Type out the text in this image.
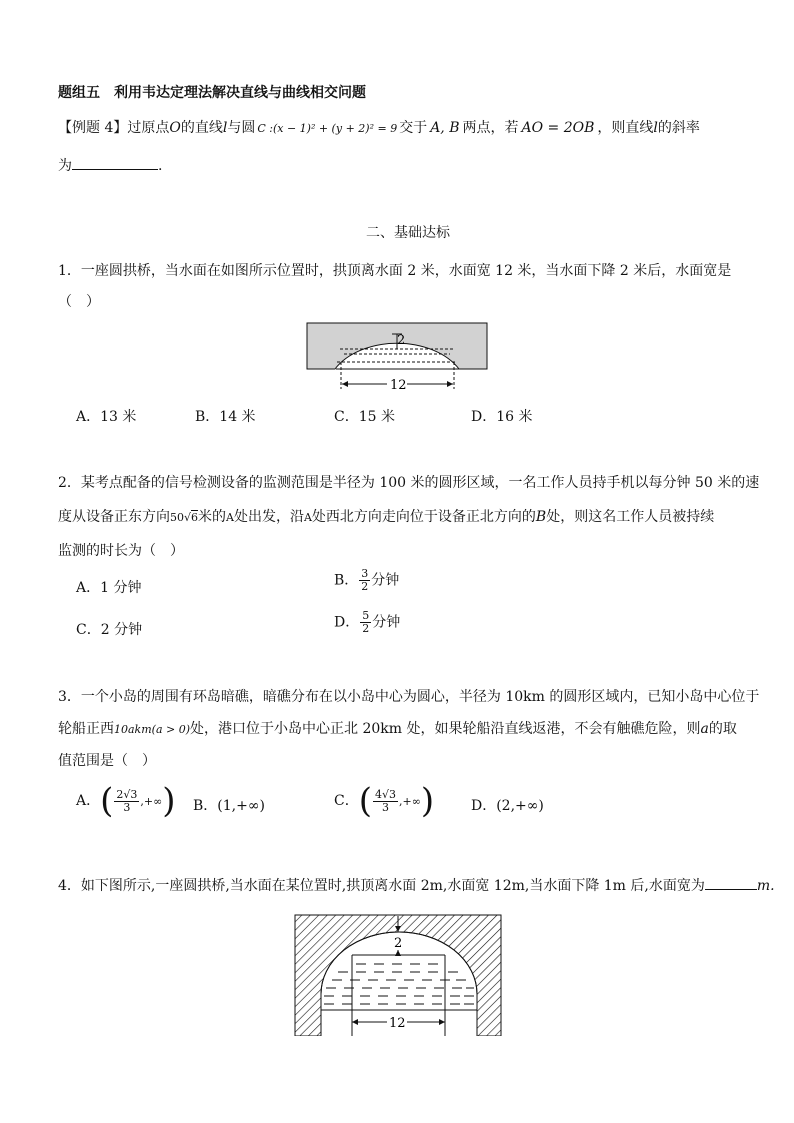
题组五　利用韦达定理法解决直线与曲线相交问题
【例题 4】过原点O的直线l与圆 C :(x − 1)² + (y + 2)² = 9 交于 A, B 两点，若 AO = 2OB ，则直线l的斜率
为	.
二、基础达标
1．一座圆拱桥，当水面在如图所示位置时，拱顶离水面 2 米，水面宽 12 米，当水面下降 2 米后，水面宽是
（　）
2
12
A．13 米	B．14 米	C．15 米	D．16 米
2．某考点配备的信号检测设备的监测范围是半径为 100 米的圆形区域，一名工作人员持手机以每分钟 50 米的速
度从设备正东方向50√6米的A处出发，沿A处西北方向走向位于设备正北方向的B处，则这名工作人员被持续
监测的时长为（　）
A．1 分钟	B． $\frac{3}{2}$ 分钟
C．2 分钟	D． $\frac{5}{2}$ 分钟
3．一个小岛的周围有环岛暗礁，暗礁分布在以小岛中心为圆心，半径为 10km 的圆形区域内，已知小岛中心位于
轮船正西10akm(a > 0)处，港口位于小岛中心正北 20km 处，如果轮船沿直线返港，不会有触礁危险，则a的取
值范围是（　）
A．( $\frac{2√3}{3}$ ,+∞) B．(1,+∞)	C．( $\frac{4√3}{3}$ ,+∞)	D．(2,+∞)
4．如下图所示,一座圆拱桥,当水面在某位置时,拱顶离水面 2m,水面宽 12m,当水面下降 1m 后,水面宽为	m.
2
12
